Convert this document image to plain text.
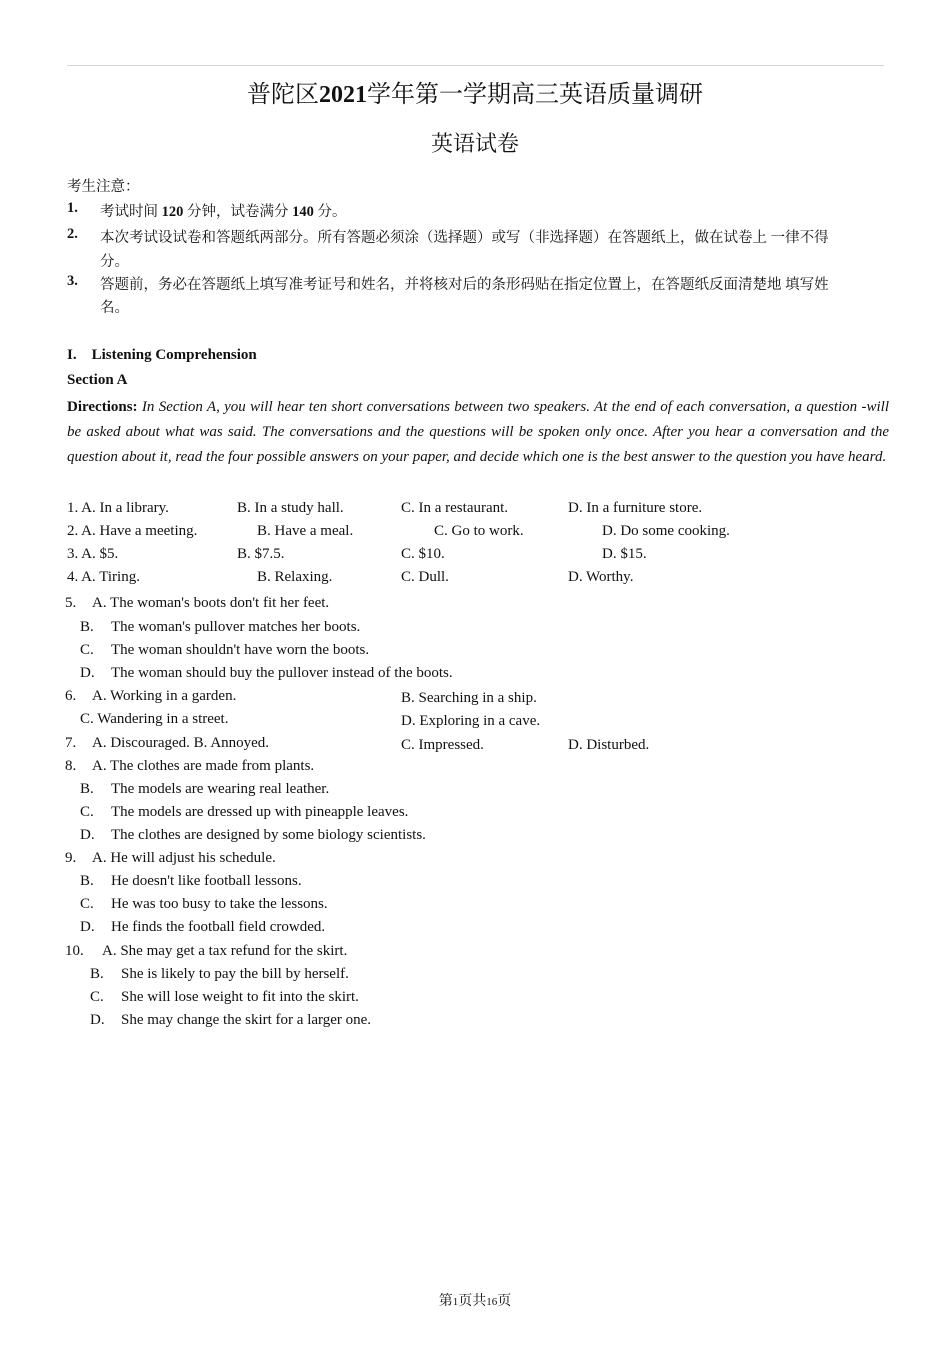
普陀区2021学年第一学期高三英语质量调研
英语试卷
考生注意：
1. 考试时间 120 分钟，试卷满分 140 分。
2. 本次考试设试卷和答题纸两部分。所有答题必须涂（选择题）或写（非选择题）在答题纸上，做在试卷上 一律不得
分。
3. 答题前，务必在答题纸上填写准考证号和姓名，并将核对后的条形码贴在指定位置上，在答题纸反面清楚地 填写姓
名。
I.    Listening Comprehension
Section A
Directions: In Section A, you will hear ten short conversations between two speakers. At the end of each conversation, a question -will be asked about what was said. The conversations and the questions will be spoken only once. After you hear a conversation and the question about it, read the four possible answers on your paper, and decide which one is the best answer to the question you have heard.
1. A. In a library.	B. In a study hall.	C. In a restaurant.	D. In a furniture store.
2. A. Have a meeting.	B. Have a meal.	C. Go to work.	D. Do some cooking.
3. A. $5.	B. $7.5.	C. $10.	D. $15.
4. A. Tiring.	B. Relaxing.	C. Dull.	D. Worthy.
5. A. The woman's boots don't fit her feet.
B. The woman's pullover matches her boots.
C. The woman shouldn't have worn the boots.
D. The woman should buy the pullover instead of the boots.
6. A. Working in a garden.	B. Searching in a ship.
C. Wandering in a street.	D. Exploring in a cave.
7. A. Discouraged. B. Annoyed.	C. Impressed.	D. Disturbed.
8. A. The clothes are made from plants.
B. The models are wearing real leather.
C. The models are dressed up with pineapple leaves.
D. The clothes are designed by some biology scientists.
9. A. He will adjust his schedule.
B. He doesn't like football lessons.
C. He was too busy to take the lessons.
D. He finds the football field crowded.
10. A. She may get a tax refund for the skirt.
B. She is likely to pay the bill by herself.
C. She will lose weight to fit into the skirt.
D. She may change the skirt for a larger one.
第1页共16页
